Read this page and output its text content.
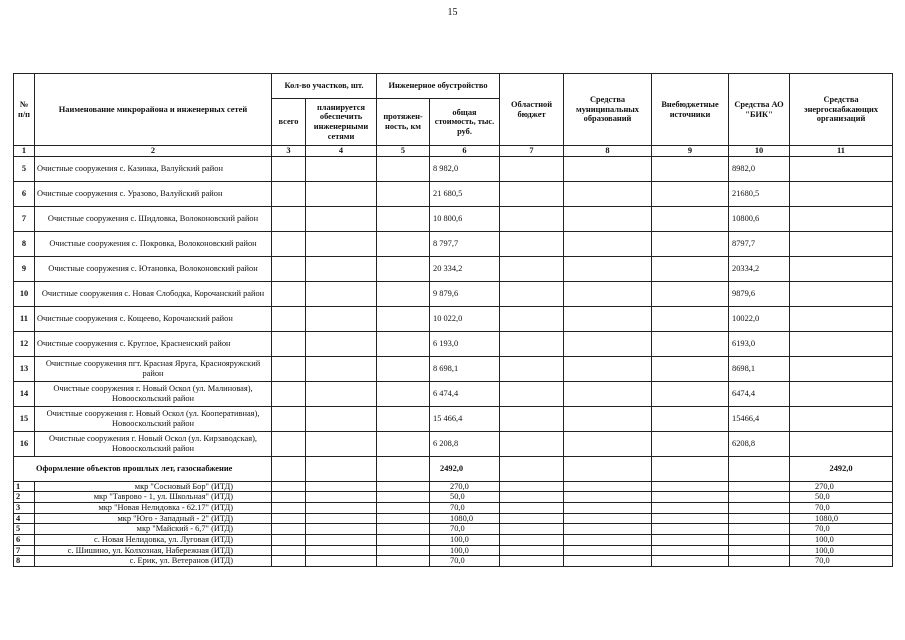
15
№ п/п	Наименование микрорайона и инженерных сетей	Кол-во участков, шт.		Инженерное обустройство		Областной бюджет	Средства муниципальных образований	Внебюджетные источники	Средства АО "БИК"	Средства энергоснабжающих организаций
		всего	планируется обеспечить инженерными сетями	протяжен-ность, км	общая стоимость, тыс. руб.					
1	2	3	4	5	6	7	8	9	10	11
5	Очистные сооружения с. Казинка, Валуйский район				8 982,0				8982,0	
6	Очистные сооружения с. Уразово, Валуйский район				21 680,5				21680,5	
7	Очистные сооружения с. Шидловка, Волоконовский район				10 800,6				10800,6	
8	Очистные сооружения с. Покровка, Волоконовский район				8 797,7				8797,7	
9	Очистные сооружения с. Ютановка, Волоконовский район				20 334,2				20334,2	
10	Очистные сооружения с. Новая Слободка, Корочанский район				9 879,6				9879,6	
11	Очистные сооружения с. Кощеево, Корочанский район				10 022,0				10022,0	
12	Очистные сооружения с. Круглое, Красненский район				6 193,0				6193,0	
13	Очистные сооружения пгт. Красная Яруга, Краснояружский район				8 698,1				8698,1	
14	Очистные сооружения г. Новый Оскол (ул. Малиновая), Новооскольский район				6 474,4				6474,4	
15	Очистные сооружения г. Новый Оскол (ул. Кооперативная), Новооскольский район				15 466,4				15466,4	
16	Очистные сооружения г. Новый Оскол (ул. Кирзаводская), Новооскольский район				6 208,8				6208,8	
Оформление объектов прошлых лет, газоснабжение					2492,0					2492,0
1	мкр "Сосновый Бор" (ИТД)				270,0					270,0
2	мкр "Таврово - 1, ул. Школьная" (ИТД)				50,0					50,0
3	мкр "Новая Нелидовка - 62.17" (ИТД)				70,0					70,0
4	мкр "Юго - Западный - 2" (ИТД)				1080,0					1080,0
5	мкр "Майский - 6,7" (ИТД)				70,0					70,0
6	с. Новая Нелидовка, ул. Луговая (ИТД)				100,0					100,0
7	с. Шишино, ул. Колхозная, Набережная (ИТД)				100,0					100,0
8	с. Ерик, ул. Ветеранов (ИТД)				70,0					70,0
